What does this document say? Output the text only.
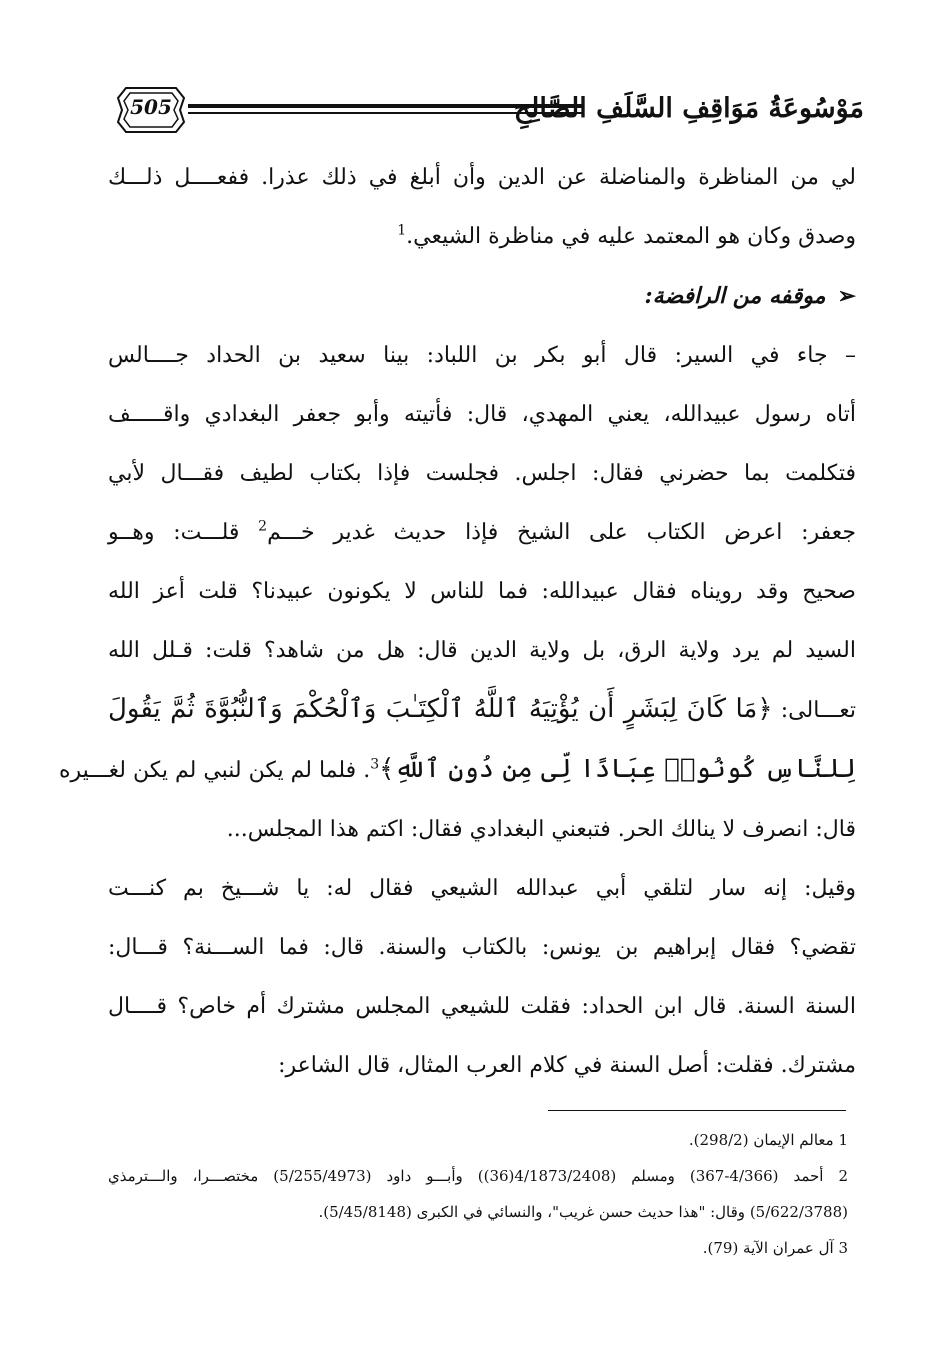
505	مَوْسُوعَةُ مَوَاقِفِ السَّلَفِ الصَّالِحِ
لي من المناظرة والمناضلة عن الدين وأن أبلغ في ذلك عذرا. ففعــــل ذلـــك
وصدق وكان هو المعتمد عليه في مناظرة الشيعي.$^1$

➢موقفه من الرافضة:

– جاء في السير: قال أبو بكر بن اللباد: بينا سعيد بن الحداد جــــالس
أتاه رسول عبيدالله، يعني المهدي، قال: فأتيته وأبو جعفر البغدادي واقـــــف
فتكلمت بما حضرني فقال: اجلس. فجلست فإذا بكتاب لطيف فقـــال لأبي
جعفر: اعرض الكتاب على الشيخ فإذا حديث غدير خـــم$^2$ قلـــت: وهــو
صحيح وقد رويناه فقال عبيدالله: فما للناس لا يكونون عبيدنا؟ قلت أعز الله
السيد لم يرد ولاية الرق، بل ولاية الدين قال: هل من شاهد؟ قلت: قـلل الله
تعـــالى: ﴿مَا كَانَ لِبَشَرٍ أَن يُؤْتِيَهُ ٱللَّهُ ٱلْكِتَـٰبَ وَٱلْحُكْمَ وَٱلنُّبُوَّةَ ثُمَّ يَقُولَ
لِلنَّاسِ كُونُوا۟ عِبَادًا لِّى مِن دُونِ ٱللَّهِ﴾$^3$. فلما لم يكن لنبي لم يكن لغـــيره
قال: انصرف لا ينالك الحر. فتبعني البغدادي فقال: اكتم هذا المجلس...
وقيل: إنه سار لتلقي أبي عبدالله الشيعي فقال له: يا شـــيخ بم كنـــت
تقضي؟ فقال إبراهيم بن يونس: بالكتاب والسنة. قال: فما الســـنة؟ قـــال:
السنة السنة. قال ابن الحداد: فقلت للشيعي المجلس مشترك أم خاص؟ قــــال
مشترك. فقلت: أصل السنة في كلام العرب المثال، قال الشاعر:
1 معالم الإيمان (298/2).
2 أحمد (4/366-367) ومسلم (4/1873/2408(36)) وأبـــو داود (5/255/4973) مختصـــرا، والـــترمذي
(5/622/3788) وقال: "هذا حديث حسن غريب"، والنسائي في الكبرى (5/45/8148).
3 آل عمران الآية (79).
